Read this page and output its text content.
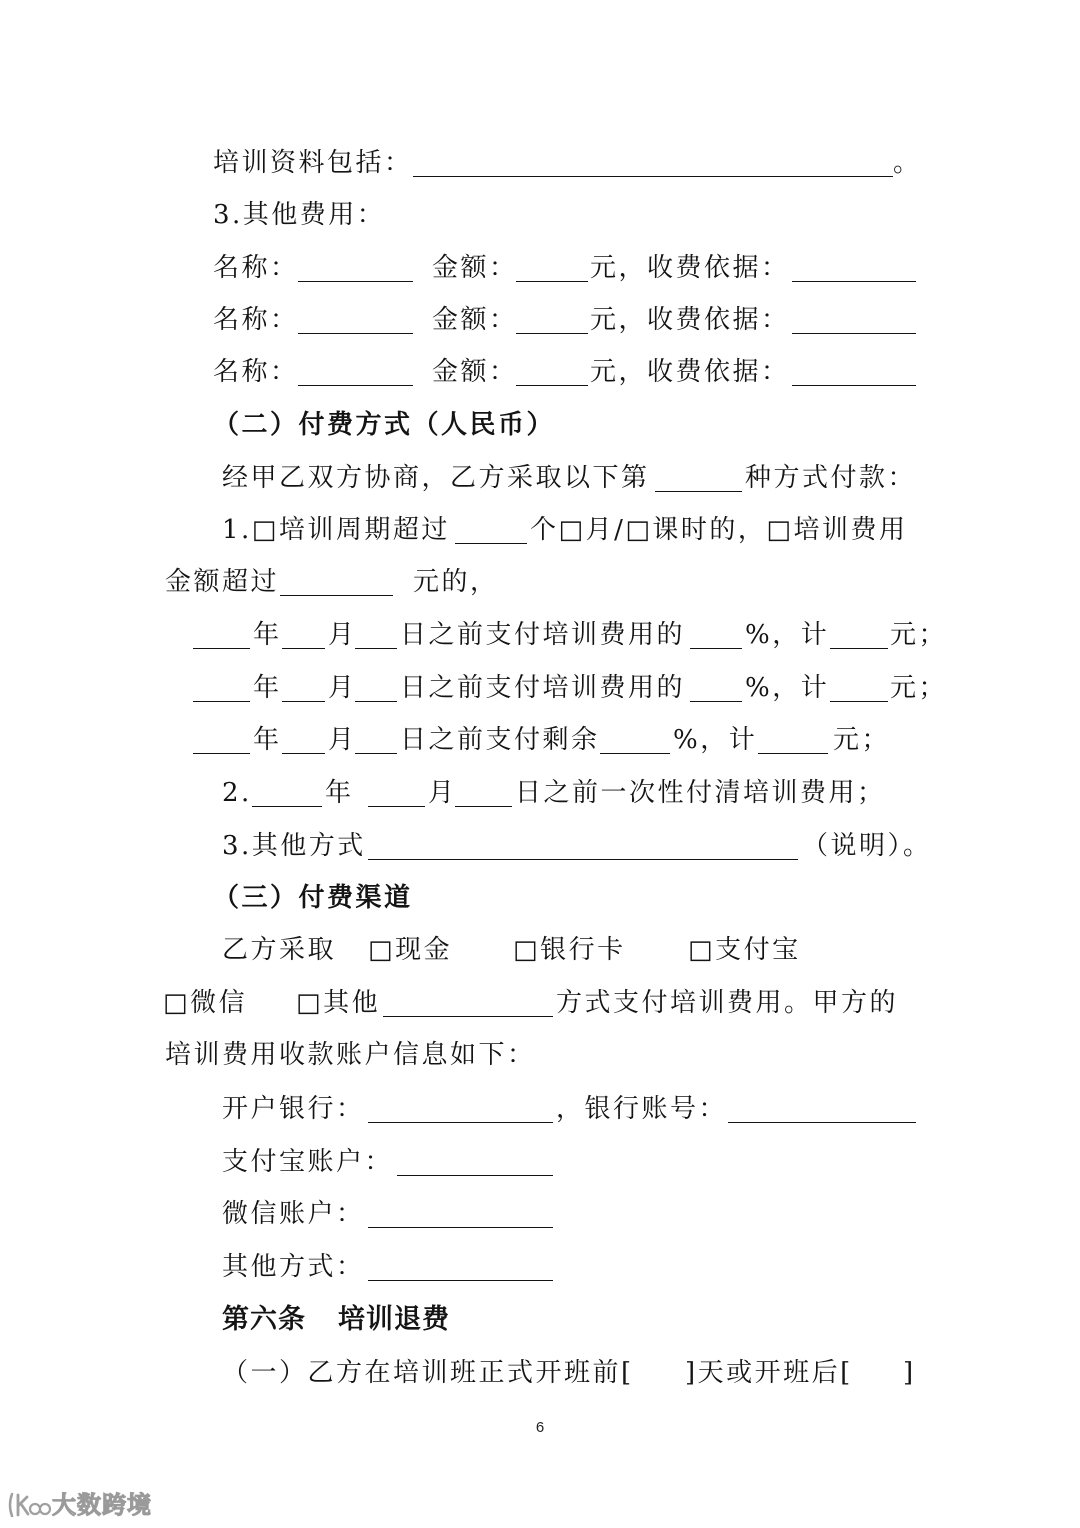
培训资料包括：	。
3.其他费用：
名称：	金额：	元，收费依据：
名称：	金额：	元，收费依据：
名称：	金额：	元，收费依据：
（二）付费方式（人民币）
经甲乙双方协商，乙方采取以下第	种方式付款：
1.□培训周期超过	个□月/□课时的，□培训费用
金额超过	元的，
年 月 日之前支付培训费用的 %，计 元；
年 月 日之前支付培训费用的 %，计 元；
年 月 日之前支付剩余	%，计	元；
2.	年	月 日之前一次性付清培训费用；
3.其他方式	（说明）。
（三）付费渠道
乙方采取 □现金 □银行卡 □支付宝
□微信 □其他	方式支付培训费用。甲方的
培训费用收款账户信息如下：
开户银行：	，银行账号：
支付宝账户：
微信账户：
其他方式：
第六条 培训退费
（一）乙方在培训班正式开班前[ ]天或开班后[ ]
6
大数跨境
